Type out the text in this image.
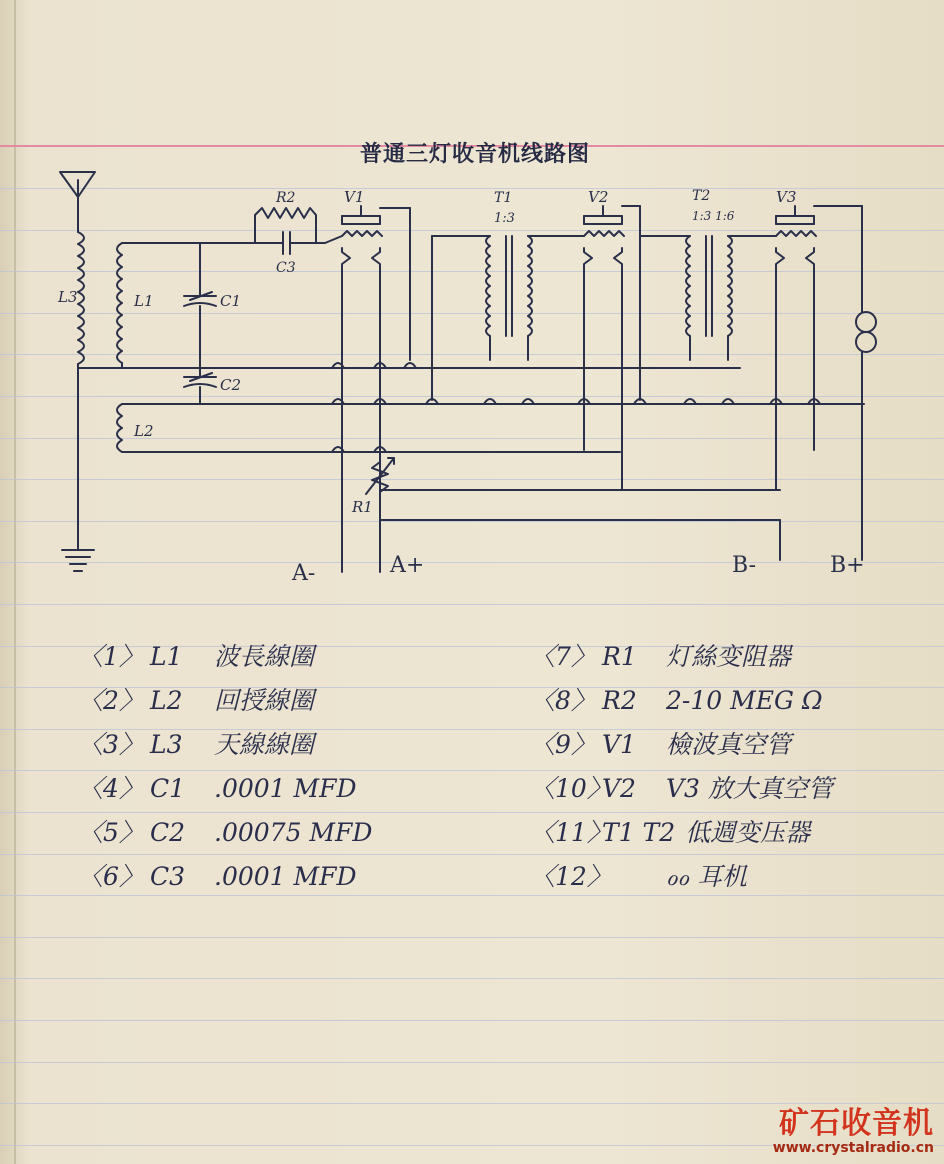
普通三灯收音机线路图
L3	L1
L2
C1
C2
C3
R2	V1	V2	V3
T1
1:3
T2
1:3 1:6
R1
A-	A+	B-	B+
〈1〉 L1 波長線圈
〈2〉 L2 回授線圈
〈3〉 L3 天線線圈
〈4〉 C1 .0001 MFD
〈5〉 C2 .00075 MFD
〈6〉 C3 .0001 MFD
〈7〉 R1 灯絲变阻器
〈8〉 R2 2-10 MEG Ω
〈9〉 V1 檢波真空管
〈10〉V2 V3 放大真空管
〈11〉T1 T2 低週变压器
〈12〉 ℴℴ 耳机
矿石收音机
www.crystalradio.cn
